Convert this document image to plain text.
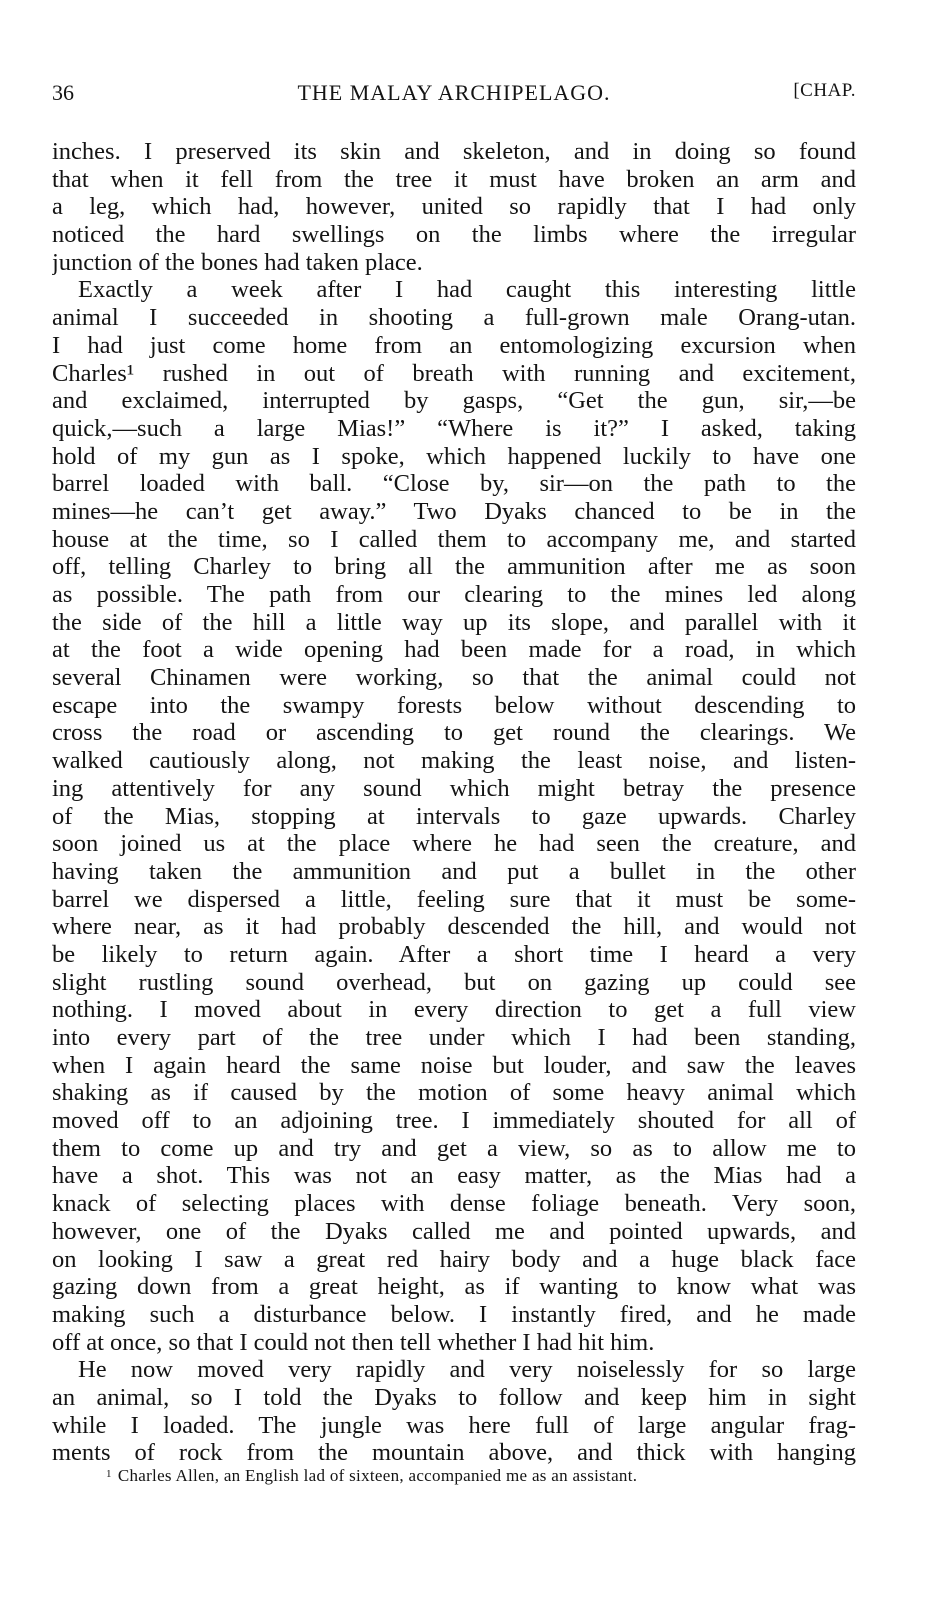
36	THE MALAY ARCHIPELAGO.	[CHAP.
inches. I preserved its skin and skeleton, and in doing so found
that when it fell from the tree it must have broken an arm and
a leg, which had, however, united so rapidly that I had only
noticed the hard swellings on the limbs where the irregular
junction of the bones had taken place.
Exactly a week after I had caught this interesting little
animal I succeeded in shooting a full-grown male Orang-utan.
I had just come home from an entomologizing excursion when
Charles¹ rushed in out of breath with running and excitement,
and exclaimed, interrupted by gasps, “Get the gun, sir,—be
quick,—such a large Mias!” “Where is it?” I asked, taking
hold of my gun as I spoke, which happened luckily to have one
barrel loaded with ball. “Close by, sir—on the path to the
mines—he can’t get away.” Two Dyaks chanced to be in the
house at the time, so I called them to accompany me, and started
off, telling Charley to bring all the ammunition after me as soon
as possible. The path from our clearing to the mines led along
the side of the hill a little way up its slope, and parallel with it
at the foot a wide opening had been made for a road, in which
several Chinamen were working, so that the animal could not
escape into the swampy forests below without descending to
cross the road or ascending to get round the clearings. We
walked cautiously along, not making the least noise, and listen-
ing attentively for any sound which might betray the presence
of the Mias, stopping at intervals to gaze upwards. Charley
soon joined us at the place where he had seen the creature, and
having taken the ammunition and put a bullet in the other
barrel we dispersed a little, feeling sure that it must be some-
where near, as it had probably descended the hill, and would not
be likely to return again. After a short time I heard a very
slight rustling sound overhead, but on gazing up could see
nothing. I moved about in every direction to get a full view
into every part of the tree under which I had been standing,
when I again heard the same noise but louder, and saw the leaves
shaking as if caused by the motion of some heavy animal which
moved off to an adjoining tree. I immediately shouted for all of
them to come up and try and get a view, so as to allow me to
have a shot. This was not an easy matter, as the Mias had a
knack of selecting places with dense foliage beneath. Very soon,
however, one of the Dyaks called me and pointed upwards, and
on looking I saw a great red hairy body and a huge black face
gazing down from a great height, as if wanting to know what was
making such a disturbance below. I instantly fired, and he made
off at once, so that I could not then tell whether I had hit him.
He now moved very rapidly and very noiselessly for so large
an animal, so I told the Dyaks to follow and keep him in sight
while I loaded. The jungle was here full of large angular frag-
ments of rock from the mountain above, and thick with hanging
$^1$ Charles Allen, an English lad of sixteen, accompanied me as an assistant.
